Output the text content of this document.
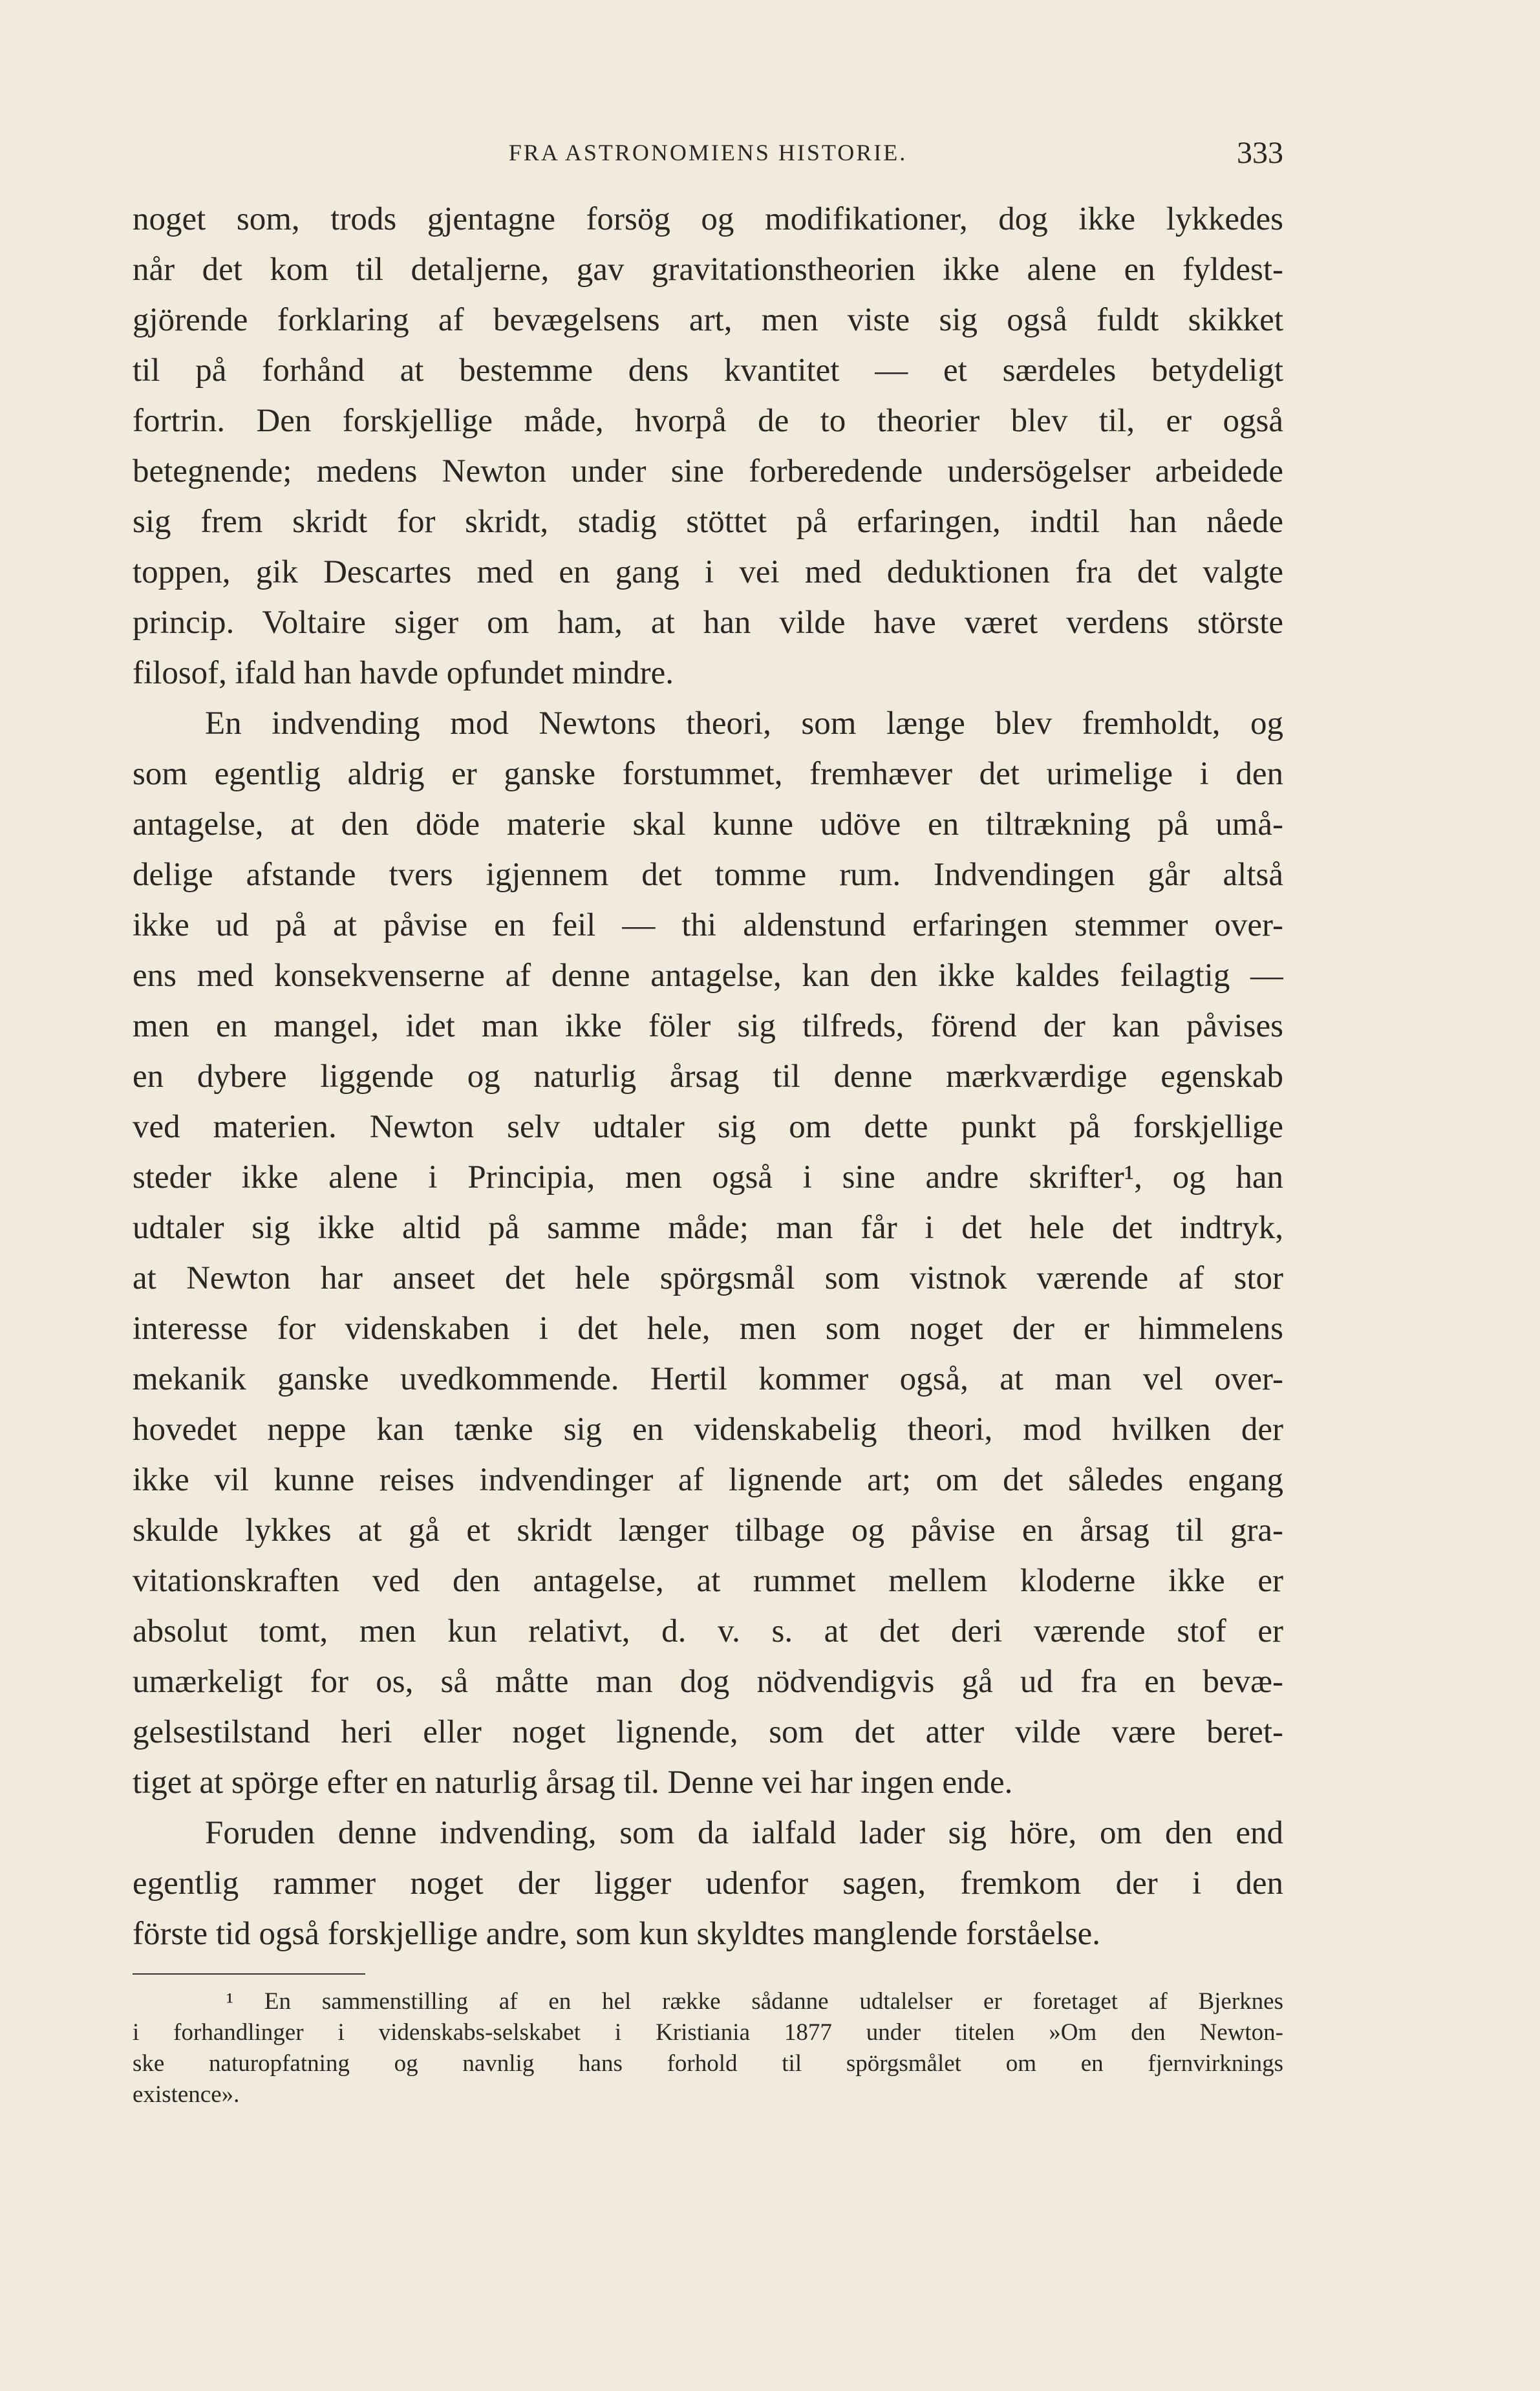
FRA ASTRONOMIENS HISTORIE.	333
noget som, trods gjentagne forsög og modifikationer, dog ikke lykkedes
når det kom til detaljerne, gav gravitationstheorien ikke alene en fyldest-
gjörende forklaring af bevægelsens art, men viste sig også fuldt skikket
til på forhånd at bestemme dens kvantitet — et særdeles betydeligt
fortrin. Den forskjellige måde, hvorpå de to theorier blev til, er også
betegnende; medens Newton under sine forberedende undersögelser arbeidede
sig frem skridt for skridt, stadig stöttet på erfaringen, indtil han nåede
toppen, gik Descartes med en gang i vei med deduktionen fra det valgte
princip. Voltaire siger om ham, at han vilde have været verdens störste
filosof, ifald han havde opfundet mindre.
En indvending mod Newtons theori, som længe blev fremholdt, og
som egentlig aldrig er ganske forstummet, fremhæver det urimelige i den
antagelse, at den döde materie skal kunne udöve en tiltrækning på umå-
delige afstande tvers igjennem det tomme rum. Indvendingen går altså
ikke ud på at påvise en feil — thi aldenstund erfaringen stemmer over-
ens med konsekvenserne af denne antagelse, kan den ikke kaldes feilagtig —
men en mangel, idet man ikke föler sig tilfreds, förend der kan påvises
en dybere liggende og naturlig årsag til denne mærkværdige egenskab
ved materien. Newton selv udtaler sig om dette punkt på forskjellige
steder ikke alene i Principia, men også i sine andre skrifter¹, og han
udtaler sig ikke altid på samme måde; man får i det hele det indtryk,
at Newton har anseet det hele spörgsmål som vistnok værende af stor
interesse for videnskaben i det hele, men som noget der er himmelens
mekanik ganske uvedkommende. Hertil kommer også, at man vel over-
hovedet neppe kan tænke sig en videnskabelig theori, mod hvilken der
ikke vil kunne reises indvendinger af lignende art; om det således engang
skulde lykkes at gå et skridt længer tilbage og påvise en årsag til gra-
vitationskraften ved den antagelse, at rummet mellem kloderne ikke er
absolut tomt, men kun relativt, d. v. s. at det deri værende stof er
umærkeligt for os, så måtte man dog nödvendigvis gå ud fra en bevæ-
gelsestilstand heri eller noget lignende, som det atter vilde være beret-
tiget at spörge efter en naturlig årsag til. Denne vei har ingen ende.
Foruden denne indvending, som da ialfald lader sig höre, om den end
egentlig rammer noget der ligger udenfor sagen, fremkom der i den
förste tid også forskjellige andre, som kun skyldtes manglende forståelse.
¹ En sammenstilling af en hel række sådanne udtalelser er foretaget af Bjerknes
i forhandlinger i videnskabs-selskabet i Kristiania 1877 under titelen »Om den Newton-
ske naturopfatning og navnlig hans forhold til spörgsmålet om en fjernvirknings
existence».
